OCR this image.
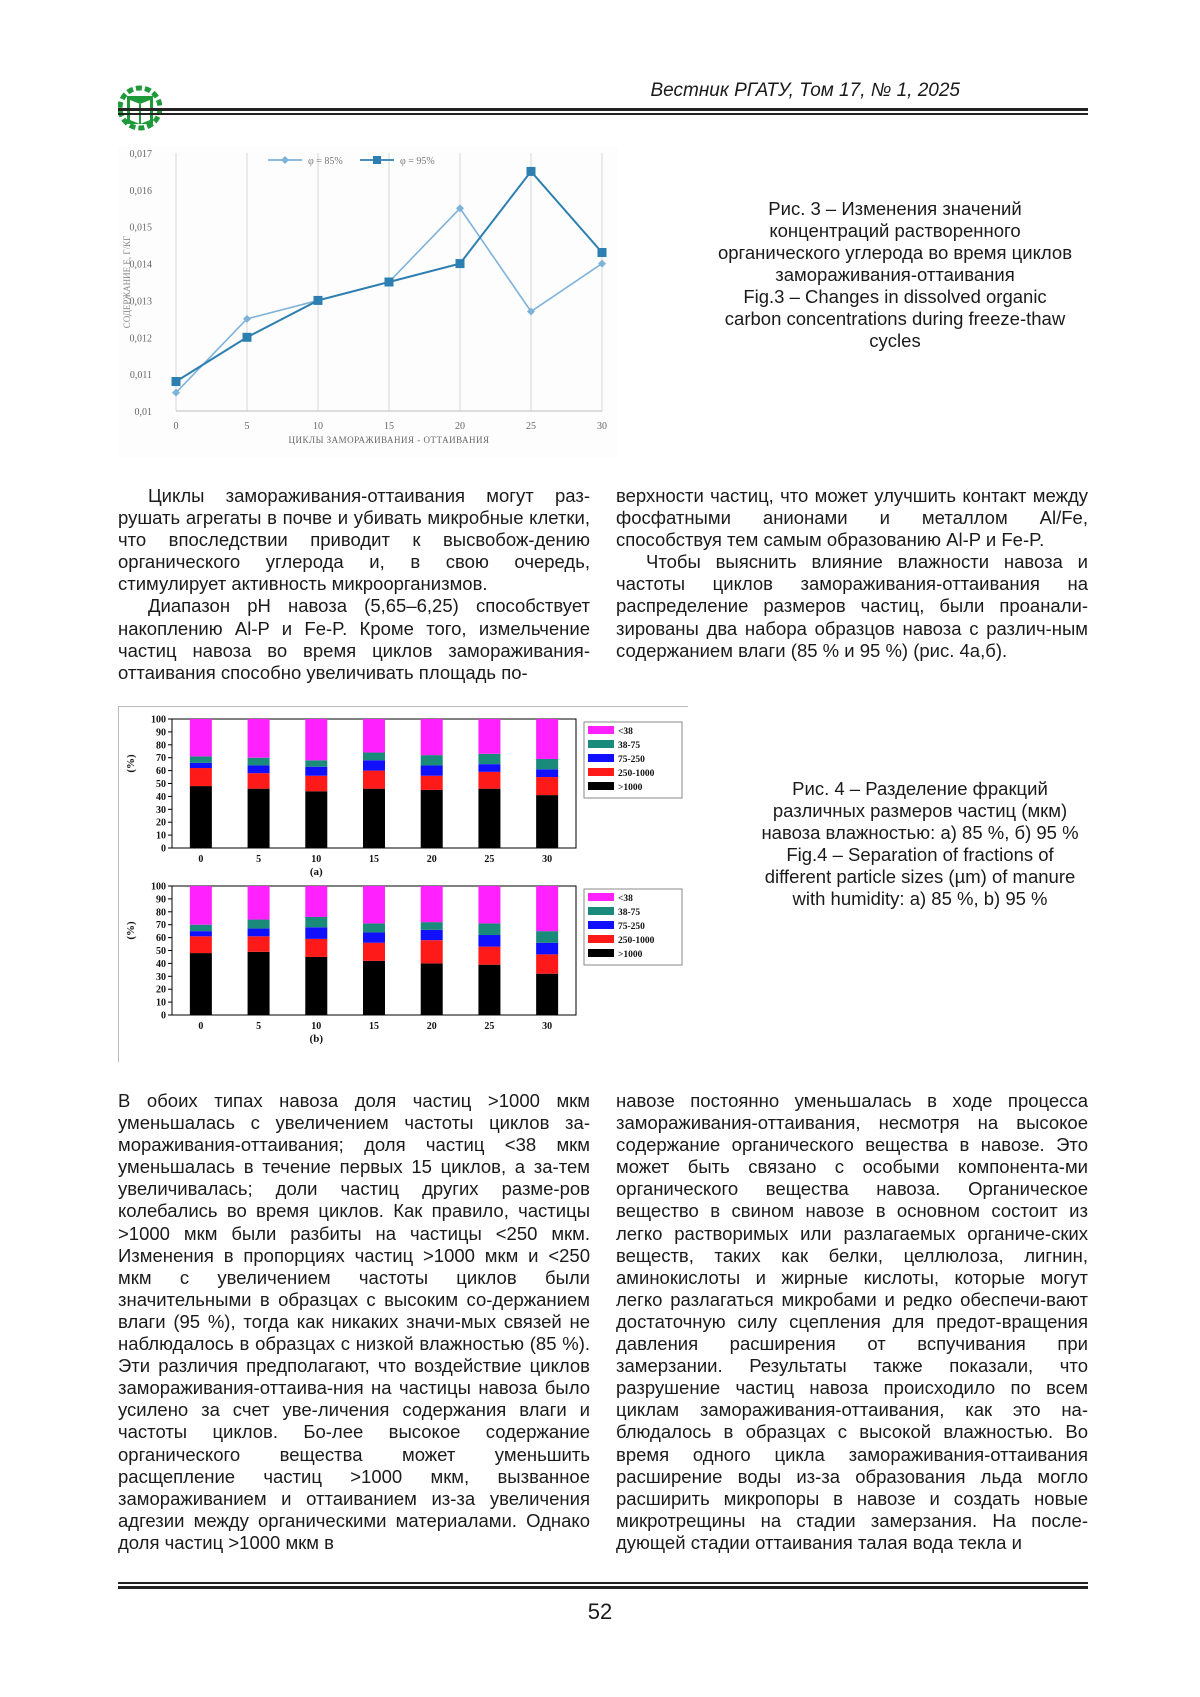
Вестник РГАТУ, Том 17, № 1, 2025
0,01
0,011
0,012
0,013
0,014
0,015
0,016
0,017
0	5	10	15	20	25	30
ЦИКЛЫ ЗАМОРАЖИВАНИЯ - ОТТАИВАНИЯ
СОДЕРЖАНИЕ Е, Г/КГ
φ = 85%	φ = 95%
Рис. 3 – Изменения значений
концентраций растворенного
органического углерода во время циклов
замораживания-оттаивания
Fig.3 – Changes in dissolved organic
carbon concentrations during freeze-thaw
cycles

Циклы замораживания-оттаивания могут раз-рушать агрегаты в почве и убивать микробные клетки, что впоследствии приводит к высвобож-дению органического углерода и, в свою очередь, стимулирует активность микроорганизмов.

Диапазон pH навоза (5,65–6,25) способствует накоплению Al-P и Fe-P. Кроме того, измельчение частиц навоза во время циклов замораживания-оттаивания способно увеличивать площадь по-

верхности частиц, что может улучшить контакт между фосфатными анионами и металлом Al/Fe, способствуя тем самым образованию Al-P и Fe-P.

Чтобы выяснить влияние влажности навоза и частоты циклов замораживания-оттаивания на распределение размеров частиц, были проанали-зированы два набора образцов навоза с различ-ным содержанием влаги (85 % и 95 %) (рис. 4а,б).

0
10
20
30
40
50
60
70
80
90
100
(%)
0	5	10	15	20	25	30
(a)
<38
38-75
75-250
250-1000
>1000
0
10
20
30
40
50
60
70
80
90
100
(%)
0	5	10	15	20	25	30
(b)
<38
38-75
75-250
250-1000
>1000
Рис. 4 – Разделение фракций
различных размеров частиц (мкм)
навоза влажностью: а) 85 %, б) 95 %
Fig.4 – Separation of fractions of
different particle sizes (µm) of manure
with humidity: a) 85 %, b) 95 %

В обоих типах навоза доля частиц >1000 мкм уменьшалась с увеличением частоты циклов за-мораживания-оттаивания; доля частиц <38 мкм уменьшалась в течение первых 15 циклов, а за-тем увеличивалась; доли частиц других разме-ров колебались во время циклов. Как правило, частицы >1000 мкм были разбиты на частицы <250 мкм. Изменения в пропорциях частиц >1000 мкм и <250 мкм с увеличением частоты циклов были значительными в образцах с высоким со-держанием влаги (95 %), тогда как никаких значи-мых связей не наблюдалось в образцах с низкой влажностью (85 %). Эти различия предполагают, что воздействие циклов замораживания-оттаива-ния на частицы навоза было усилено за счет уве-личения содержания влаги и частоты циклов. Бо-лее высокое содержание органического вещества может уменьшить расщепление частиц >1000 мкм, вызванное замораживанием и оттаиванием из-за увеличения адгезии между органическими материалами. Однако доля частиц >1000 мкм в

навозе постоянно уменьшалась в ходе процесса замораживания-оттаивания, несмотря на высокое содержание органического вещества в навозе. Это может быть связано с особыми компонента-ми органического вещества навоза. Органическое вещество в свином навозе в основном состоит из легко растворимых или разлагаемых органиче-ских веществ, таких как белки, целлюлоза, лигнин, аминокислоты и жирные кислоты, которые могут легко разлагаться микробами и редко обеспечи-вают достаточную силу сцепления для предот-вращения давления расширения от вспучивания при замерзании. Результаты также показали, что разрушение частиц навоза происходило по всем циклам замораживания-оттаивания, как это на-блюдалось в образцах с высокой влажностью. Во время одного цикла замораживания-оттаивания расширение воды из-за образования льда могло расширить микропоры в навозе и создать новые микротрещины на стадии замерзания. На после-дующей стадии оттаивания талая вода текла и

52
